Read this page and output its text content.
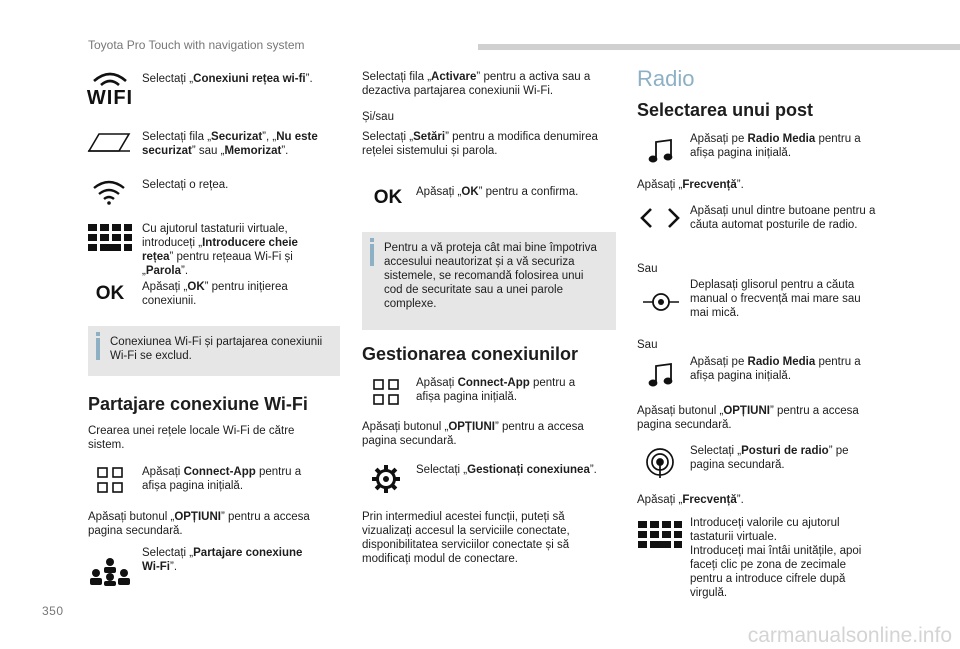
Toyota Pro Touch with navigation system
WIFI
Selectați „Conexiuni rețea wi-fi”.
Selectați fila „Securizat”, „Nu este
securizat” sau „Memorizat”.
Selectați o rețea.
Cu ajutorul tastaturii virtuale,
introduceți „Introducere cheie
rețea” pentru rețeaua Wi-Fi și
„Parola”.
OK Apăsați „OK” pentru inițierea
conexiunii.
Conexiunea Wi-Fi și partajarea conexiunii
Wi-Fi se exclud.
Partajare conexiune Wi-Fi
Crearea unei rețele locale Wi-Fi de către
sistem.
Apăsați Connect-App pentru a
afișa pagina inițială.
Apăsați butonul „OPȚIUNI” pentru a accesa
pagina secundară.
Selectați „Partajare conexiune
Wi-Fi”.
Selectați fila „Activare” pentru a activa sau a
dezactiva partajarea conexiunii Wi-Fi.
Și/sau
Selectați „Setări” pentru a modifica denumirea
rețelei sistemului și parola.
OK Apăsați „OK” pentru a confirma.
Pentru a vă proteja cât mai bine împotriva
accesului neautorizat și a vă securiza
sistemele, se recomandă folosirea unui
cod de securitate sau a unei parole
complexe.
Gestionarea conexiunilor
Apăsați Connect-App pentru a
afișa pagina inițială.
Apăsați butonul „OPȚIUNI” pentru a accesa
pagina secundară.
Selectați „Gestionați conexiunea”.
Prin intermediul acestei funcții, puteți să
vizualizați accesul la serviciile conectate,
disponibilitatea serviciilor conectate și să
modificați modul de conectare.
Radio
Selectarea unui post
Apăsați pe Radio Media pentru a
afișa pagina inițială.
Apăsați „Frecvență”.
Apăsați unul dintre butoane pentru a
căuta automat posturile de radio.
Sau
Deplasați glisorul pentru a căuta
manual o frecvență mai mare sau
mai mică.
Sau
Apăsați pe Radio Media pentru a
afișa pagina inițială.
Apăsați butonul „OPȚIUNI” pentru a accesa
pagina secundară.
Selectați „Posturi de radio” pe
pagina secundară.
Apăsați „Frecvență”.
Introduceți valorile cu ajutorul
tastaturii virtuale.
Introduceți mai întâi unitățile, apoi
faceți clic pe zona de zecimale
pentru a introduce cifrele după
virgulă.
350
carmanualsonline.info
